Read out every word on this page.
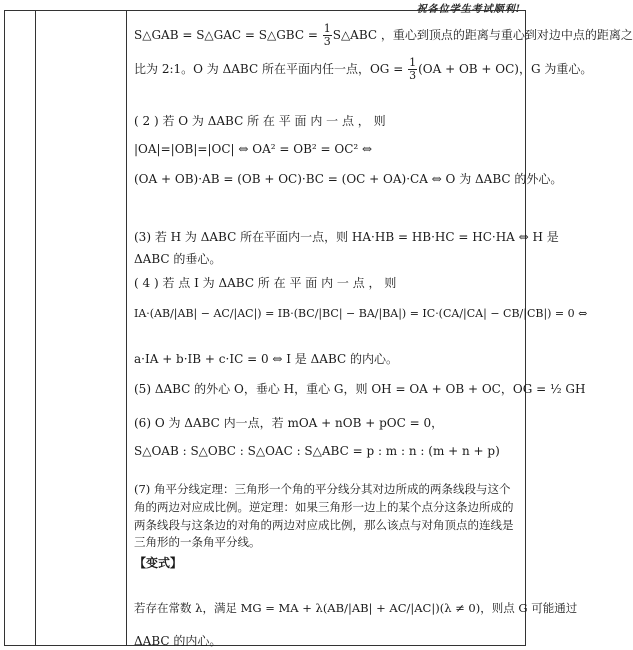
祝各位学生考试顺利!
S△GAB = S△GAC = S△GBC = $\frac{1}{3}$ S△ABC ，重心到顶点的距离与重心到对边中点的距离之
比为 2:1。O 为 ΔABC 所在平面内任一点，OG = $\frac{1}{3} (OA$ + OB + OC)，G 为重心。
( 2 ) 若 O 为 ΔABC 所 在 平 面 内 一 点 ， 则
|OA|=|OB|=|OC| ⇔ OA² = OB² = OC² ⇔
(OA + OB)·AB = (OB + OC)·BC = (OC + OA)·CA ⇔ O 为 ΔABC 的外心。
(3) 若 H 为 ΔABC 所在平面内一点，则 HA·HB = HB·HC = HC·HA ⇔ H 是
ΔABC 的垂心。
( 4 ) 若 点 I 为 ΔABC 所 在 平 面 内 一 点 ， 则
IA·(AB/|AB| − AC/|AC|) = IB·(BC/|BC| − BA/|BA|) = IC·(CA/|CA| − CB/|CB|) = 0 ⇔
a·IA + b·IB + c·IC = 0 ⇔ I 是 ΔABC 的内心。
(5) ΔABC 的外心 O，垂心 H，重心 G，则 OH = OA + OB + OC，OG = ½ GH
(6) O 为 ΔABC 内一点，若 mOA + nOB + pOC = 0，
S△OAB : S△OBC : S△OAC : S△ABC = p : m : n : (m + n + p)
(7) 角平分线定理：三角形一个角的平分线分其对边所成的两条线段与这个角的两边对应成比例。逆定理：如果三角形一边上的某个点分这条边所成的两条线段与这条边的对角的两边对应成比例，那么该点与对角顶点的连线是三角形的一条角平分线。
【变式】
若存在常数 λ，满足 MG = MA + λ(AB/|AB| + AC/|AC|)(λ ≠ 0)，则点 G 可能通过
ΔABC 的内心。
